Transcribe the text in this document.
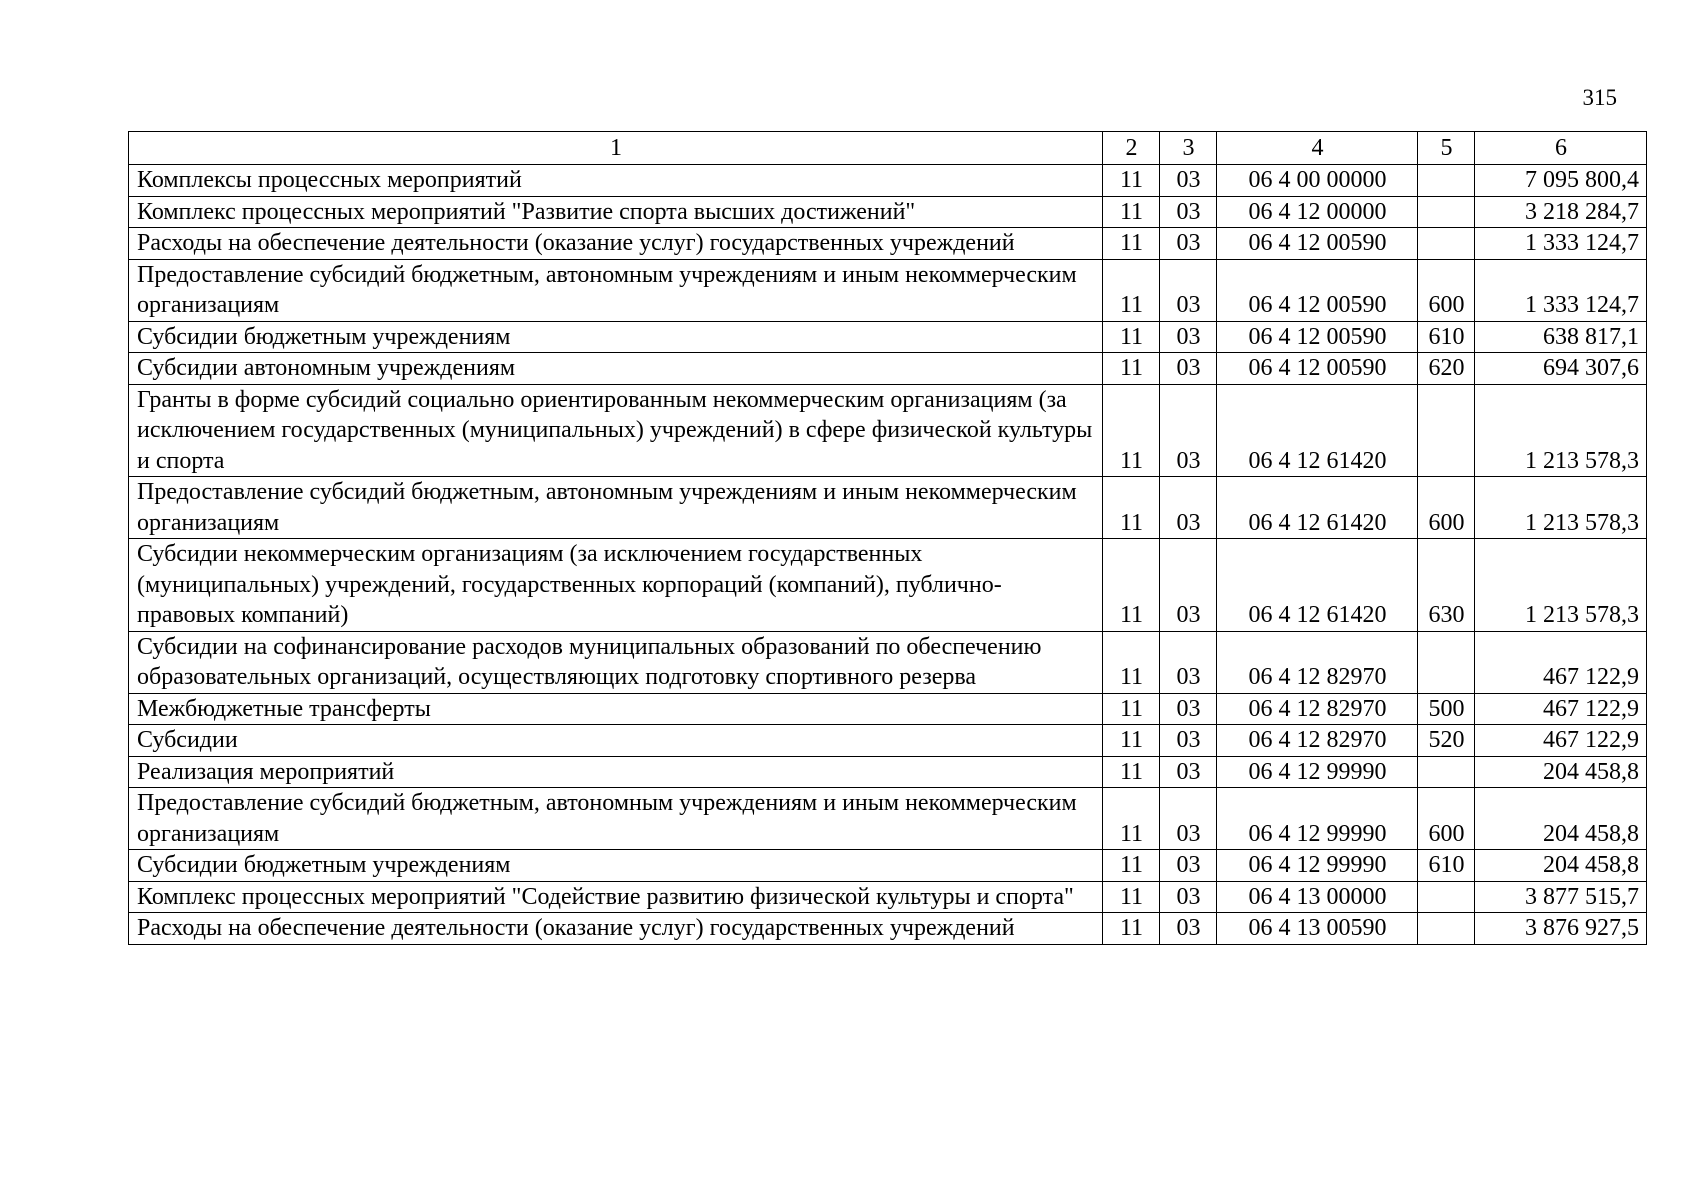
315
1	2	3	4	5	6
Комплексы процессных мероприятий	11	03	06 4 00 00000		7 095 800,4
Комплекс процессных мероприятий "Развитие спорта высших достижений"	11	03	06 4 12 00000		3 218 284,7
Расходы на обеспечение деятельности (оказание услуг) государственных учреждений	11	03	06 4 12 00590		1 333 124,7
Предоставление субсидий бюджетным, автономным учреждениям и иным некоммерческим организациям	11	03	06 4 12 00590	600	1 333 124,7
Субсидии бюджетным учреждениям	11	03	06 4 12 00590	610	638 817,1
Субсидии автономным учреждениям	11	03	06 4 12 00590	620	694 307,6
Гранты в форме субсидий социально ориентированным некоммерческим организациям (за исключением государственных (муниципальных) учреждений) в сфере физической культуры и спорта	11	03	06 4 12 61420		1 213 578,3
Предоставление субсидий бюджетным, автономным учреждениям и иным некоммерческим организациям	11	03	06 4 12 61420	600	1 213 578,3
Субсидии некоммерческим организациям (за исключением государственных (муниципальных) учреждений, государственных корпораций (компаний), публично-правовых компаний)	11	03	06 4 12 61420	630	1 213 578,3
Субсидии на софинансирование расходов муниципальных образований по обеспечению образовательных организаций, осуществляющих подготовку спортивного резерва	11	03	06 4 12 82970		467 122,9
Межбюджетные трансферты	11	03	06 4 12 82970	500	467 122,9
Субсидии	11	03	06 4 12 82970	520	467 122,9
Реализация мероприятий	11	03	06 4 12 99990		204 458,8
Предоставление субсидий бюджетным, автономным учреждениям и иным некоммерческим организациям	11	03	06 4 12 99990	600	204 458,8
Субсидии бюджетным учреждениям	11	03	06 4 12 99990	610	204 458,8
Комплекс процессных мероприятий "Содействие развитию физической культуры и спорта"	11	03	06 4 13 00000		3 877 515,7
Расходы на обеспечение деятельности (оказание услуг) государственных учреждений	11	03	06 4 13 00590		3 876 927,5
